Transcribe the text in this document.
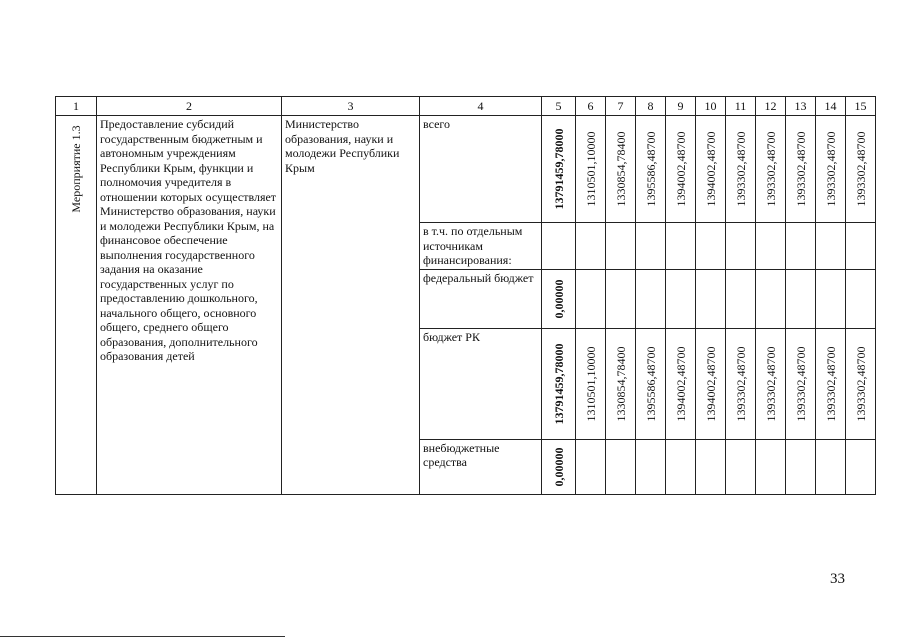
1	2	3	4	5	6	7	8	9	10	11	12	13	14	15

Мероприятие 1.3	Предоставление субсидий государственным бюджетным и автономным учреждениям Республики Крым, функции и полномочия учредителя в отношении которых осуществляет Министерство образования, науки и молодежи Республики Крым, на финансовое обеспечение выполнения государственного задания на оказание государственных услуг по предоставлению дошкольного, начального общего, основного общего, среднего общего образования, дополнительного образования детей	Министерство образования, науки и молодежи Республики Крым	всего	13791459,78000	1310501,10000	1330854,78400	1395586,48700	1394002,48700	1394002,48700	1393302,48700	1393302,48700	1393302,48700	1393302,48700	1393302,48700

			в т.ч. по отдельным источникам финансирования:											

			федеральный бюджет	0,00000										

			бюджет РК	13791459,78000	1310501,10000	1330854,78400	1395586,48700	1394002,48700	1394002,48700	1393302,48700	1393302,48700	1393302,48700	1393302,48700	1393302,48700

			внебюджетные средства	0,00000										

33
